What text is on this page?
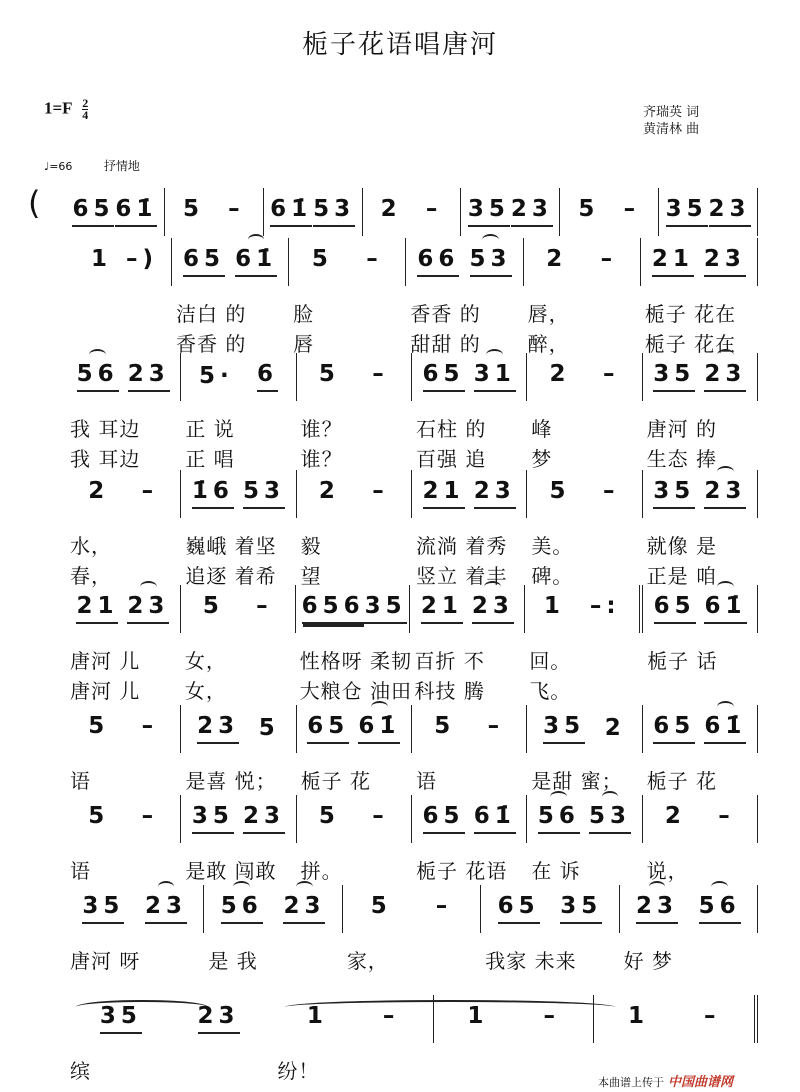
栀子花语唱唐河
$1=F \frac{2}{4}$	齐瑞英 词
黄清林 曲
♩=66	抒情地
( 65 61̇ 5 – 61̇ 53 2 – 35 23 5 – 35 23
1 –) 65 61̇
洁白 的
香香 的
5 –
脸
唇
66 53
香香 的
甜甜 的
2 –
唇，
醉，
21 23
栀子 花在
栀子 花在
56 23
我 耳边
我 耳边
5· 6
正 说
正 唱
5 –
谁？
谁？
65 31
石柱 的
百强 追
2 –
峰
梦
35 23
唐河 的
生态 捧
2 –
水，
春，
1̇6 53
巍峨 着坚
追逐 着希
2 –
毅
望
21 23
流淌 着秀
竖立 着丰
5 –
美。
碑。
35 23
就像 是
正是 咱
21 23
唐河 儿
唐河 儿
5 –
女，
女，
656 35
性格呀 柔韧
大粮仓 油田
21 23
百折 不
科技 腾
1 –:
回。
飞。
65 61̇
栀子 话
5 –
语
23 5
是喜 悦；
65 61̇
栀子 花
5 –
语
35 2
是甜 蜜；
65 61̇
栀子 花
5 –
语
35 23
是敢 闯敢
5 –
拼。
65 61̇
栀子 花语
56 53
在 诉
2 –
说，
35 23
唐河 呀
56 23
是 我
5 –
家，
65 35
我家 未来
23 56
好 梦
35 23
缤
1 –
纷！
1 –	1 –
本曲谱上传于 中国曲谱网
